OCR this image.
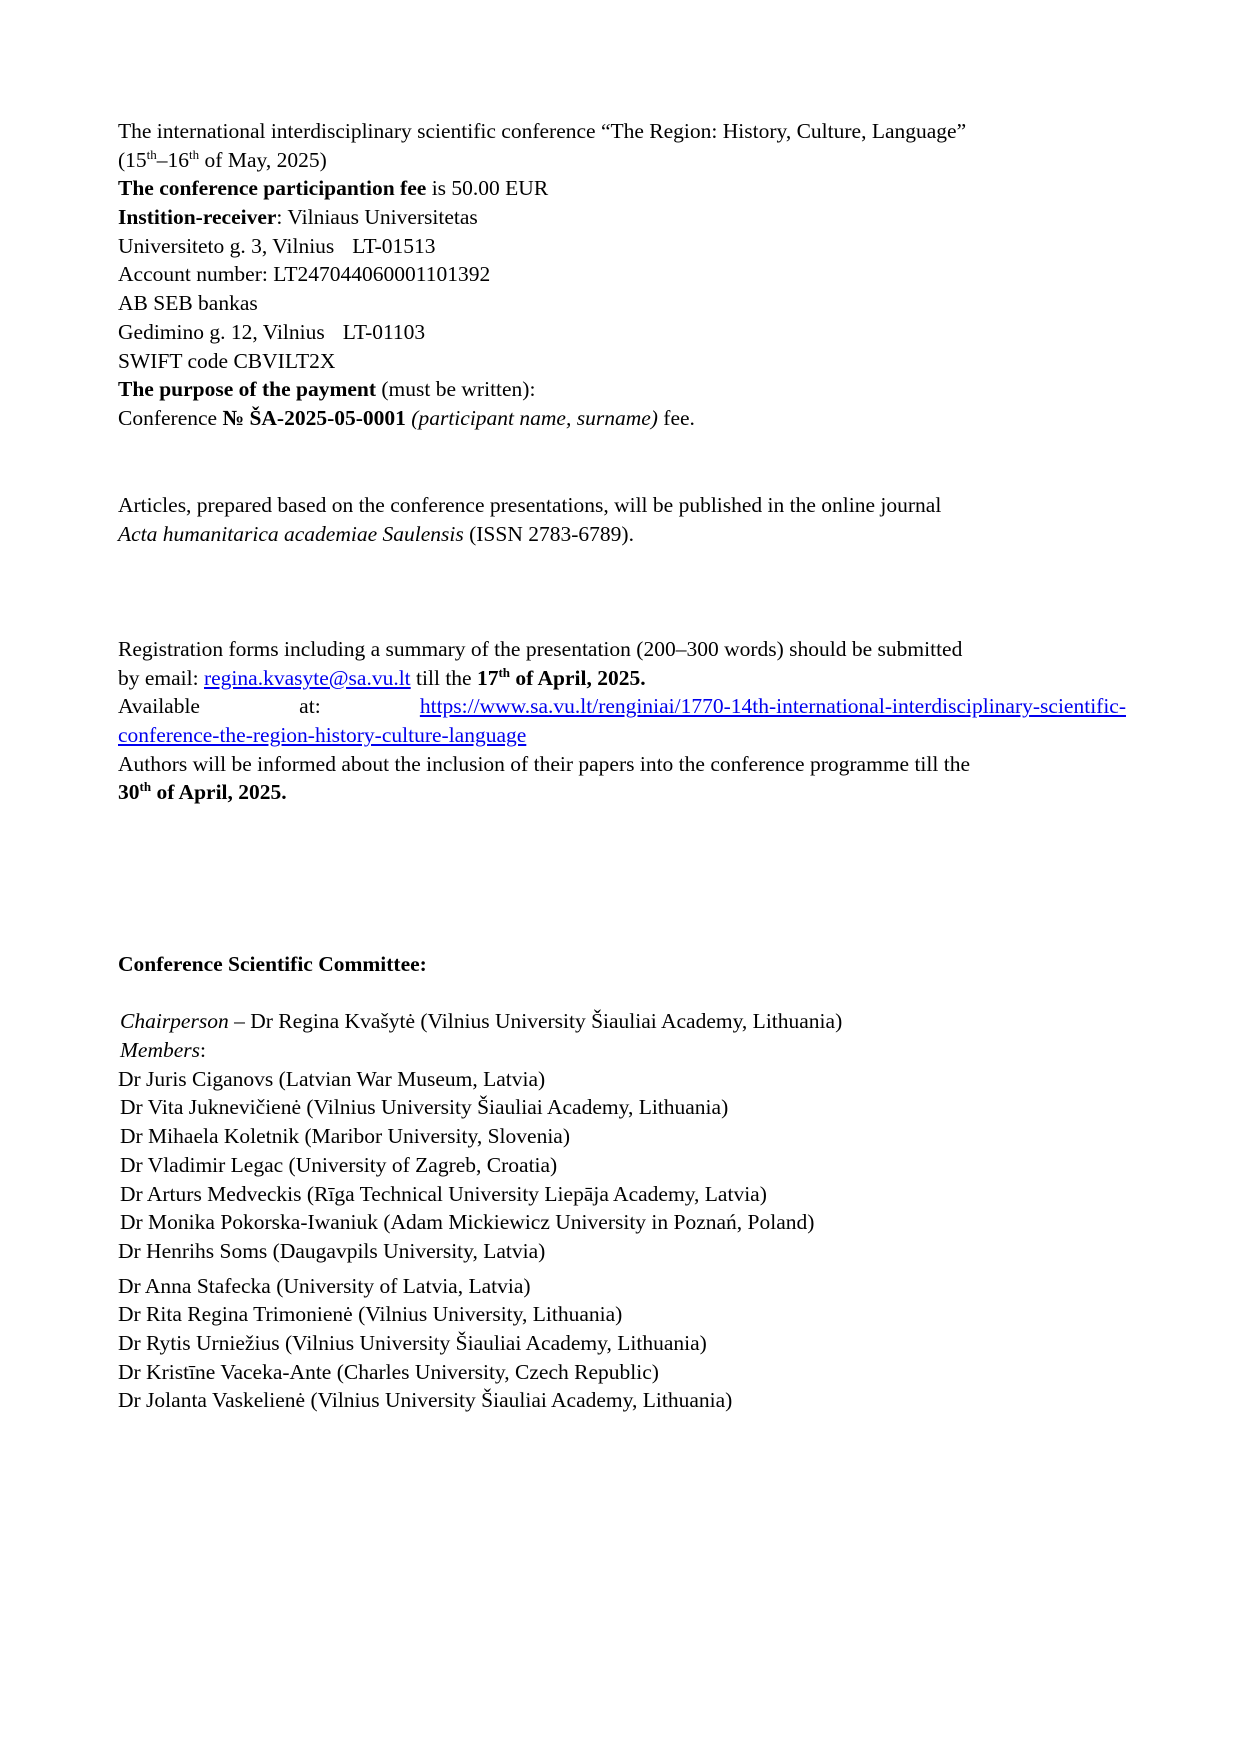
The international interdisciplinary scientific conference “The Region: History, Culture, Language”
(15th–16th of May, 2025)
The conference participantion fee is 50.00 EUR
Instition-receiver: Vilniaus Universitetas
Universiteto g. 3, Vilnius LT-01513
Account number: LT247044060001101392
AB SEB bankas
Gedimino g. 12, Vilnius LT-01103
SWIFT code CBVILT2X
The purpose of the payment (must be written):
Conference № ŠA-2025-05-0001 (participant name, surname) fee.
Articles, prepared based on the conference presentations, will be published in the online journal
Acta humanitarica academiae Saulensis (ISSN 2783-6789).
Registration forms including a summary of the presentation (200–300 words) should be submitted
by email: regina.kvasyte@sa.vu.lt till the 17th of April, 2025.
Available	at:	https://www.sa.vu.lt/renginiai/1770-14th-international-interdisciplinary-scientific-
conference-the-region-history-culture-language
Authors will be informed about the inclusion of their papers into the conference programme till the
30th of April, 2025.
Conference Scientific Committee:
Chairperson – Dr Regina Kvašytė (Vilnius University Šiauliai Academy, Lithuania)
Members:
Dr Juris Ciganovs (Latvian War Museum, Latvia)
Dr Vita Juknevičienė (Vilnius University Šiauliai Academy, Lithuania)
Dr Mihaela Koletnik (Maribor University, Slovenia)
Dr Vladimir Legac (University of Zagreb, Croatia)
Dr Arturs Medveckis (Rīga Technical University Liepāja Academy, Latvia)
Dr Monika Pokorska-Iwaniuk (Adam Mickiewicz University in Poznań, Poland)
Dr Henrihs Soms (Daugavpils University, Latvia)
Dr Anna Stafecka (University of Latvia, Latvia)
Dr Rita Regina Trimonienė (Vilnius University, Lithuania)
Dr Rytis Urniežius (Vilnius University Šiauliai Academy, Lithuania)
Dr Kristīne Vaceka-Ante (Charles University, Czech Republic)
Dr Jolanta Vaskelienė (Vilnius University Šiauliai Academy, Lithuania)
